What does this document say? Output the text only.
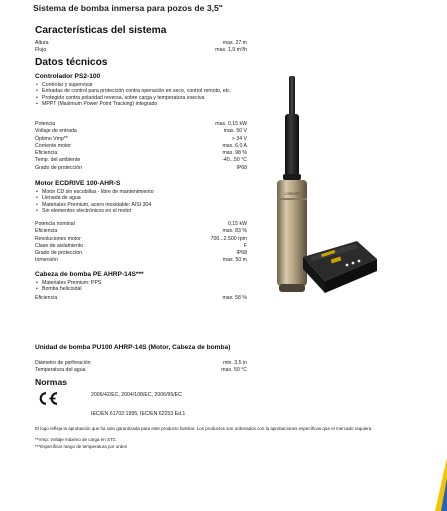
Sistema de bomba inmersa para pozos de 3,5"
Características del sistema
Altura	max. 27 m
Flujo	max. 1,9 m³/h
Datos técnicos
Controlador PS2-100
• Controlar y supervisar
• Entradas de control para protección contra operación en seco, control remoto, etc.
• Protegido contra polaridad reversa, sobre carga y temperatura execiva
• MPPT (Maximum Power Point Tracking) integrado
Potencia	max. 0,15 kW
Voltaje de entrada	max. 50 V
Óptimo Vmp**	> 34 V
Corriente motor	max. 6,0 A
Eficiencia	max. 98 %
Temp. del ambiente	-40...50 °C
Grado de protección	IP68
Motor ECDRIVE 100-AHR-S
• Motor CD sin escobillas - libre de mantenimiento
• Llenada de agua
• Materiales Premium, acero inoxidable: AISI 304
• Sin elementos electrónicos en el motor
Potencia nominal	0,15 kW
Eficiencia	max. 83 %
Revoluciones motor	700...2.500 rpm
Clase de aislamiento	F
Grado de protección	IP68
Inmersión	max. 50 m
Cabeza de bomba PE AHRP-14S***
• Materiales Premium: PPS
• Bomba helicoidal
Eficiencia	max. 58 %
Unidad de bomba PU100 AHRP-14S (Motor, Cabeza de bomba)
Diámetro de perforación	min. 3,5 in
Temperatura del agua	max. 50 °C
Normas
2006/42/EC, 2004/108/EC, 2006/95/EC
IEC/EN 61702:1995, IEC/EN 62253 Ed.1
El logo refleja la aprobación que ha sido garantizada para este producto familiar. Los productos son ordenados con la aprobaciones específicas que el mercado requiera.
**Vmp: Voltaje máximo de carga en STC
***Especificar rango de temperatura por orden
LORENTZ
